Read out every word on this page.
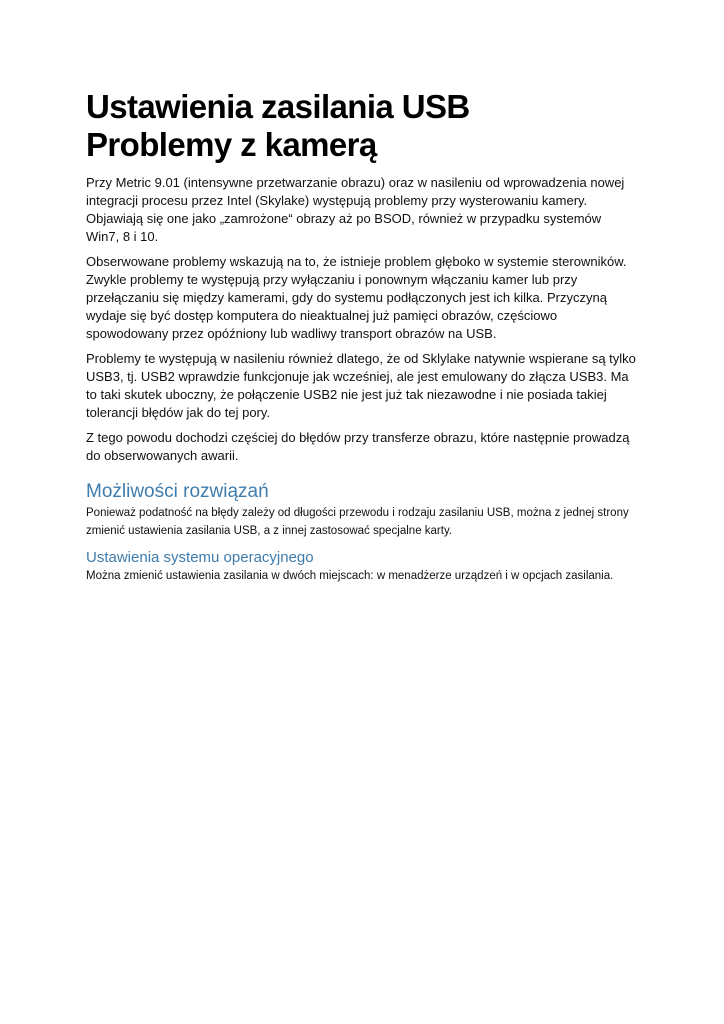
Ustawienia zasilania USB
Problemy z kamerą

Przy Metric 9.01 (intensywne przetwarzanie obrazu) oraz w nasileniu od wprowadzenia nowej integracji procesu przez Intel (Skylake) występują problemy przy wysterowaniu kamery. Objawiają się one jako „zamrożone“ obrazy aż po BSOD, również w przypadku systemów Win7, 8 i 10.

Obserwowane problemy wskazują na to, że istnieje problem głęboko w systemie sterowników. Zwykle problemy te występują przy wyłączaniu i ponownym włączaniu kamer lub przy przełączaniu się między kamerami, gdy do systemu podłączonych jest ich kilka. Przyczyną wydaje się być dostęp komputera do nieaktualnej już pamięci obrazów, częściowo spowodowany przez opóźniony lub wadliwy transport obrazów na USB.

Problemy te występują w nasileniu również dlatego, że od Sklylake natywnie wspierane są tylko USB3, tj. USB2 wprawdzie funkcjonuje jak wcześniej, ale jest emulowany do złącza USB3. Ma to taki skutek uboczny, że połączenie USB2 nie jest już tak niezawodne i nie posiada takiej tolerancji błędów jak do tej pory.

Z tego powodu dochodzi częściej do błędów przy transferze obrazu, które następnie prowadzą do obserwowanych awarii.

Możliwości rozwiązań

Ponieważ podatność na błędy zależy od długości przewodu i rodzaju zasilaniu USB, można z jednej strony zmienić ustawienia zasilania USB, a z innej zastosować specjalne karty.

Ustawienia systemu operacyjnego

Można zmienić ustawienia zasilania w dwóch miejscach: w menadżerze urządzeń i w opcjach zasilania.
